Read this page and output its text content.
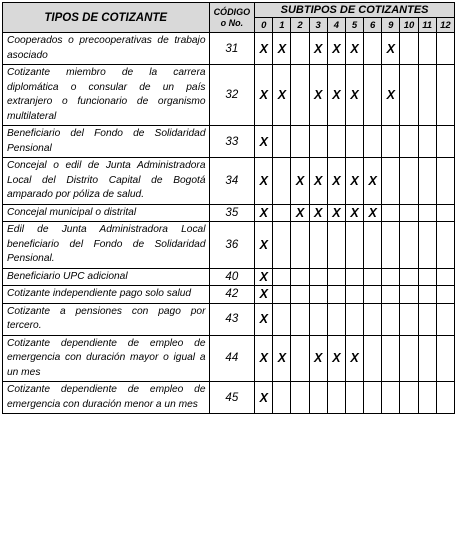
TIPOS DE COTIZANTE	CÓDIGO
o No.	SUBTIPOS DE COTIZANTES										
		0	1	2	3	4	5	6	9	10	11	12
Cooperados o precooperativas de trabajo asociado	31	X	X		X	X	X		X			
Cotizante miembro de la carrera diplomática o consular de un país extranjero o funcionario de organismo multilateral	32	X	X		X	X	X		X			
Beneficiario del Fondo de Solidaridad Pensional	33	X										
Concejal o edil de Junta Administradora Local del Distrito Capital de Bogotá amparado por póliza de salud.	34	X		X	X	X	X	X				
Concejal municipal o distrital	35	X		X	X	X	X	X				
Edil de Junta Administradora Local beneficiario del Fondo de Solidaridad Pensional.	36	X										
Beneficiario UPC adicional	40	X										
Cotizante independiente pago solo salud	42	X										
Cotizante a pensiones con pago por tercero.	43	X										
Cotizante dependiente de empleo de emergencia con duración mayor o igual a un mes	44	X	X		X	X	X					
Cotizante dependiente de empleo de emergencia con duración menor a un mes	45	X										
